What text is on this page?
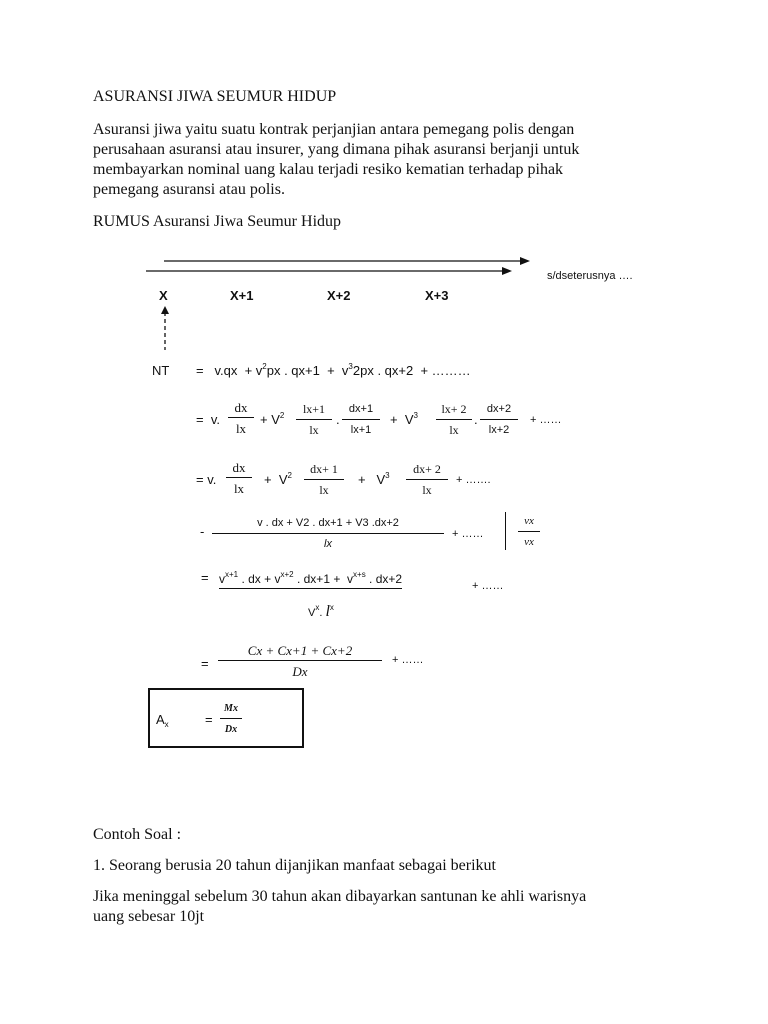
ASURANSI JIWA SEUMUR HIDUP
Asuransi jiwa yaitu suatu kontrak perjanjian antara pemegang polis dengan
perusahaan asuransi atau insurer, yang dimana pihak asuransi berjanji untuk
membayarkan nominal uang kalau terjadi resiko kematian terhadap pihak
pemegang asuransi atau polis.
RUMUS Asuransi Jiwa Seumur Hidup
s/dseterusnya ….
X	X+1	X+2	X+3
NT = $v.qx + v^2px$ . $qx+1 + v^32px$ . qx+2 + ………
= v.
dx
lx
+ $V^2$	lx+1
lx
.
dx+1
lx+1
+ $V^3$	lx+ 2
lx
.
dx+2
lx+2
+ ……
= v.
dx
lx
+ $V^2$	dx+ 1
lx
+ $V^3$	dx+ 2
lx
+ …….
-
v . dx + V2 . dx+1 + V3 .dx+2
lx
+ ……
vx
vx
= $v^{x+1}$ . dx + $v^{x+2}$ . $dx+1 + v^{x+s}$ . dx+2	+ ……
$V^x$. $l^x$
=
Cx + Cx+1 + Cx+2
Dx
+ ……
$A_x$	=
Mx
Dx
Contoh Soal :
1. Seorang berusia 20 tahun dijanjikan manfaat sebagai berikut
Jika meninggal sebelum 30 tahun akan dibayarkan santunan ke ahli warisnya
uang sebesar 10jt
